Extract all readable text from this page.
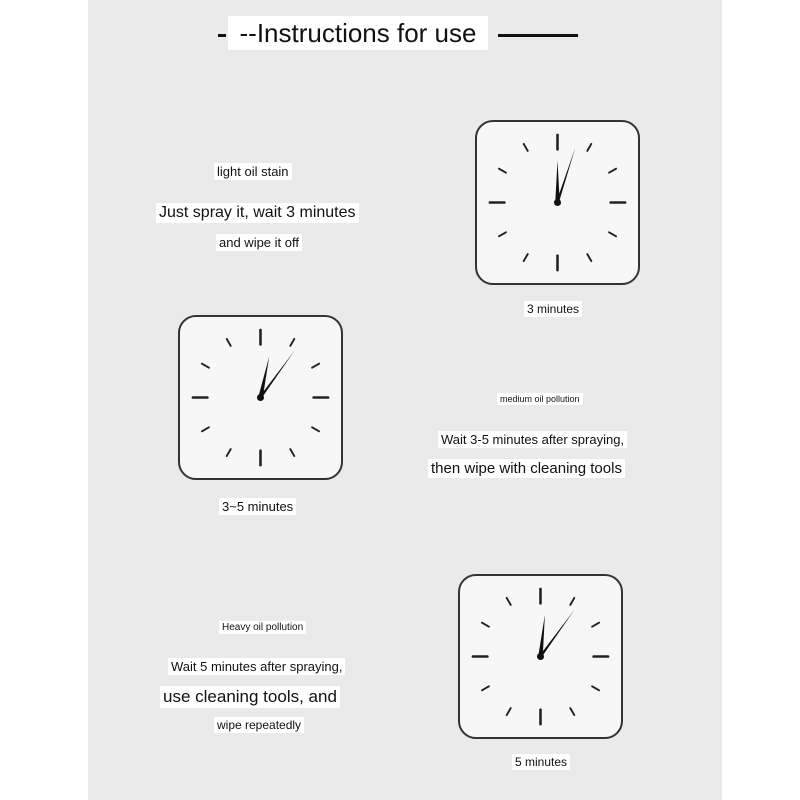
--Instructions for use
light oil stain
Just spray it, wait 3 minutes
and wipe it off
3 minutes
3~5 minutes
medium oil pollution
Wait 3-5 minutes after spraying,
then wipe with cleaning tools
Heavy oil pollution
Wait 5 minutes after spraying,
use cleaning tools, and
wipe repeatedly
5 minutes
